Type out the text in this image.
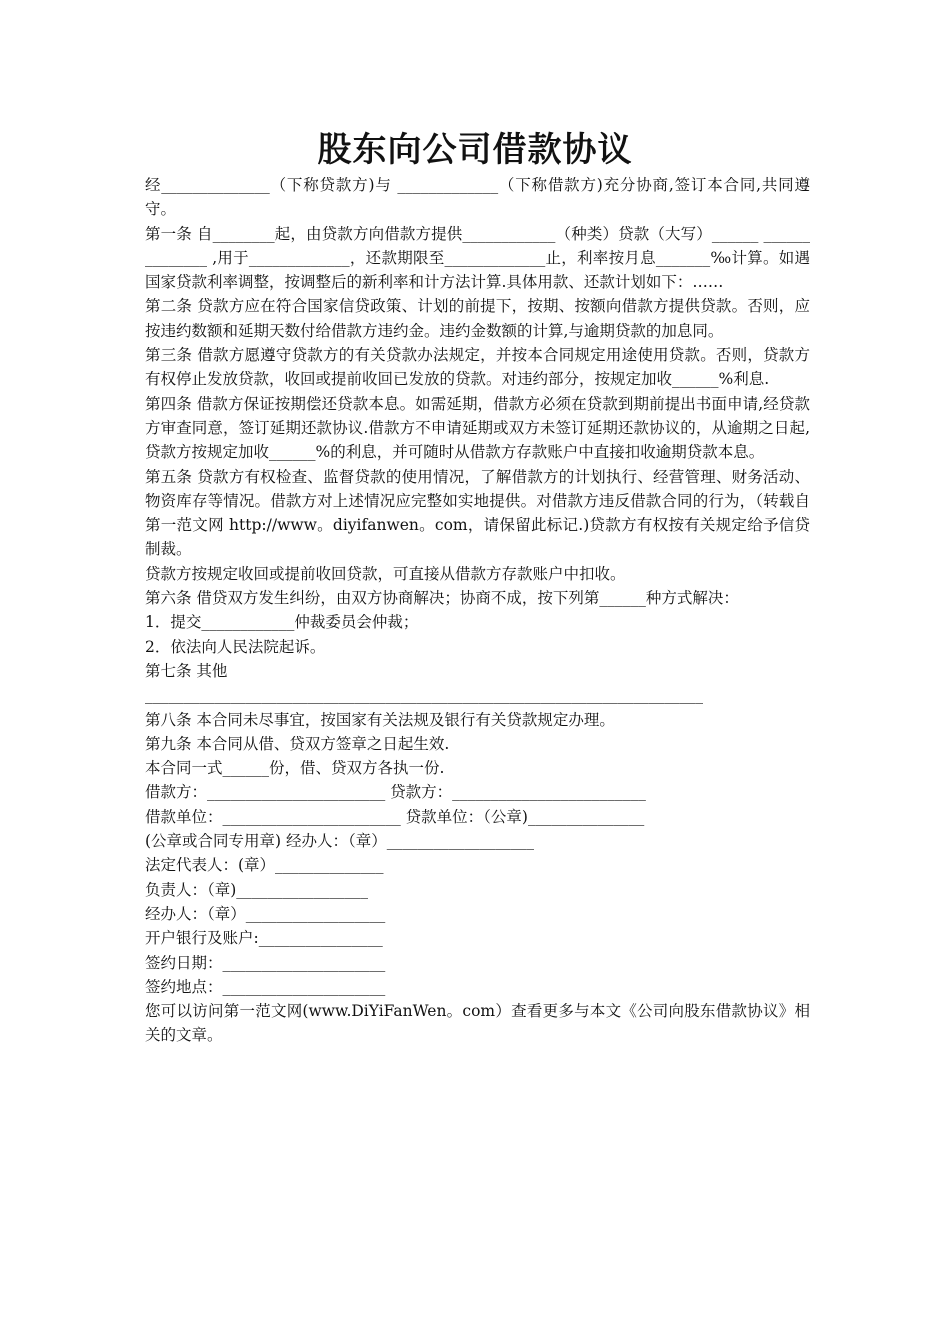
股东向公司借款协议

经______________（下称贷款方)与 _____________（下称借款方)充分协商,签订本合同,共同遵守。

第一条 自________起，由贷款方向借款方提供____________（种类）贷款（大写）______ ______________ ,用于_____________，还款期限至_____________止，利率按月息_______‰计算。如遇国家贷款利率调整，按调整后的新利率和计方法计算.具体用款、还款计划如下：……

第二条 贷款方应在符合国家信贷政策、计划的前提下，按期、按额向借款方提供贷款。否则，应按违约数额和延期天数付给借款方违约金。违约金数额的计算,与逾期贷款的加息同。

第三条 借款方愿遵守贷款方的有关贷款办法规定，并按本合同规定用途使用贷款。否则，贷款方有权停止发放贷款，收回或提前收回已发放的贷款。对违约部分，按规定加收______%利息.

第四条 借款方保证按期偿还贷款本息。如需延期，借款方必须在贷款到期前提出书面申请,经贷款方审查同意，签订延期还款协议.借款方不申请延期或双方未签订延期还款协议的，从逾期之日起,贷款方按规定加收______%的利息，并可随时从借款方存款账户中直接扣收逾期贷款本息。

第五条 贷款方有权检查、监督贷款的使用情况，了解借款方的计划执行、经营管理、财务活动、物资库存等情况。借款方对上述情况应完整如实地提供。对借款方违反借款合同的行为，（转载自第一范文网 http://www。diyifanwen。com，请保留此标记.)贷款方有权按有关规定给予信贷制裁。

贷款方按规定收回或提前收回贷款，可直接从借款方存款账户中扣收。

第六条 借贷双方发生纠纷，由双方协商解决；协商不成，按下列第______种方式解决：

1．提交____________仲裁委员会仲裁；

2．依法向人民法院起诉。

第七条 其他

________________________________________________________________________

第八条 本合同未尽事宜，按国家有关法规及银行有关贷款规定办理。

第九条 本合同从借、贷双方签章之日起生效.

本合同一式______份，借、贷双方各执一份.

借款方：_______________________ 贷款方：_________________________

借款单位：_______________________ 贷款单位：（公章)_______________

(公章或合同专用章) 经办人：（章）___________________

法定代表人：(章）______________

负责人：（章)_________________

经办人：（章）__________________

开户银行及账户:________________

签约日期：_____________________

签约地点：_____________________

您可以访问第一范文网(www.DiYiFanWen。com）查看更多与本文《公司向股东借款协议》相关的文章。
